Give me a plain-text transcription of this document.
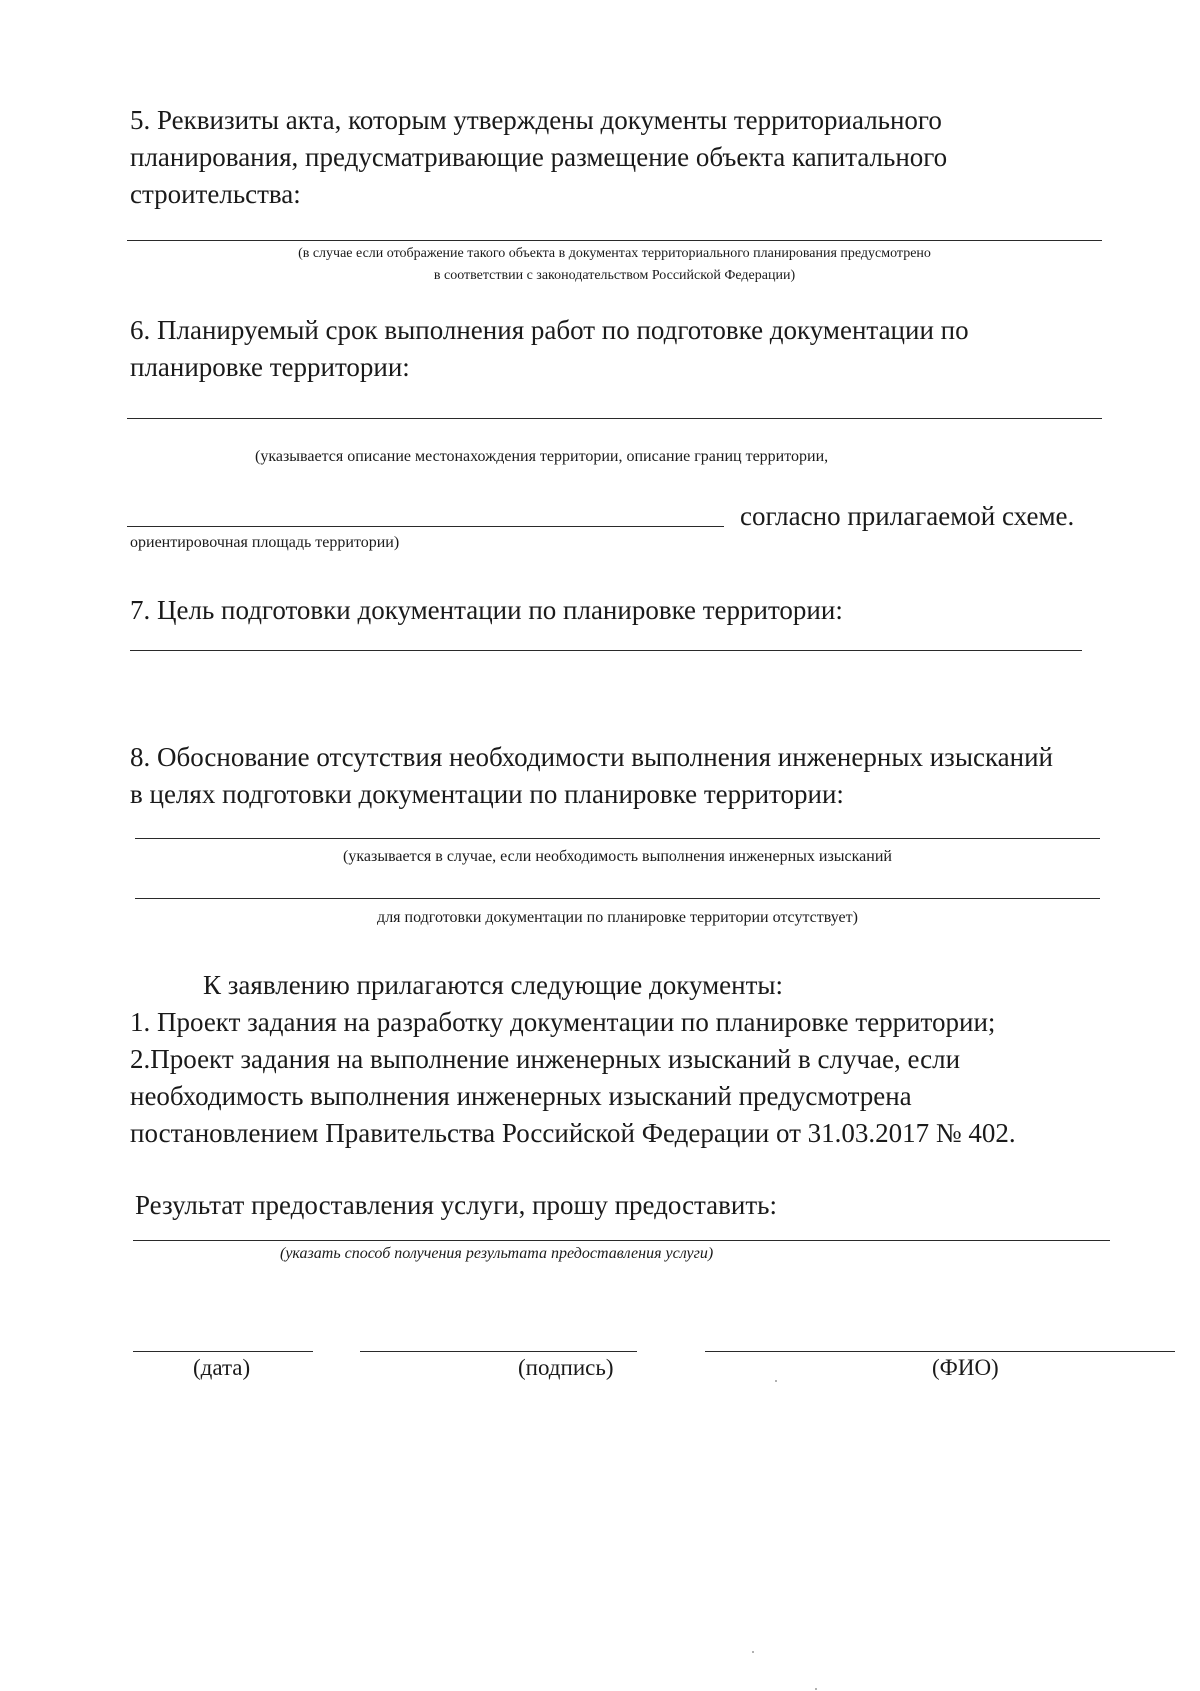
5. Реквизиты акта, которым утверждены документы территориального
планирования, предусматривающие размещение объекта капитального
строительства:
(в случае если отображение такого объекта в документах территориального планирования предусмотрено
в соответствии с законодательством Российской Федерации)
6. Планируемый срок выполнения работ по подготовке документации по
планировке территории:
(указывается описание местонахождения территории, описание границ территории,
согласно прилагаемой схеме.
ориентировочная площадь территории)
7. Цель подготовки документации по планировке территории:
8. Обоснование отсутствия необходимости выполнения инженерных изысканий
в целях подготовки документации по планировке территории:
(указывается в случае, если необходимость выполнения инженерных изысканий
для подготовки документации по планировке территории отсутствует)
К заявлению прилагаются следующие документы:
1. Проект задания на разработку документации по планировке территории;
2.Проект задания на выполнение инженерных изысканий в случае, если
необходимость выполнения инженерных изысканий предусмотрена
постановлением Правительства Российской Федерации от 31.03.2017 № 402.
Результат предоставления услуги, прошу предоставить:
(указать способ получения результата предоставления услуги)
(дата)	(подпись)	(ФИО)
